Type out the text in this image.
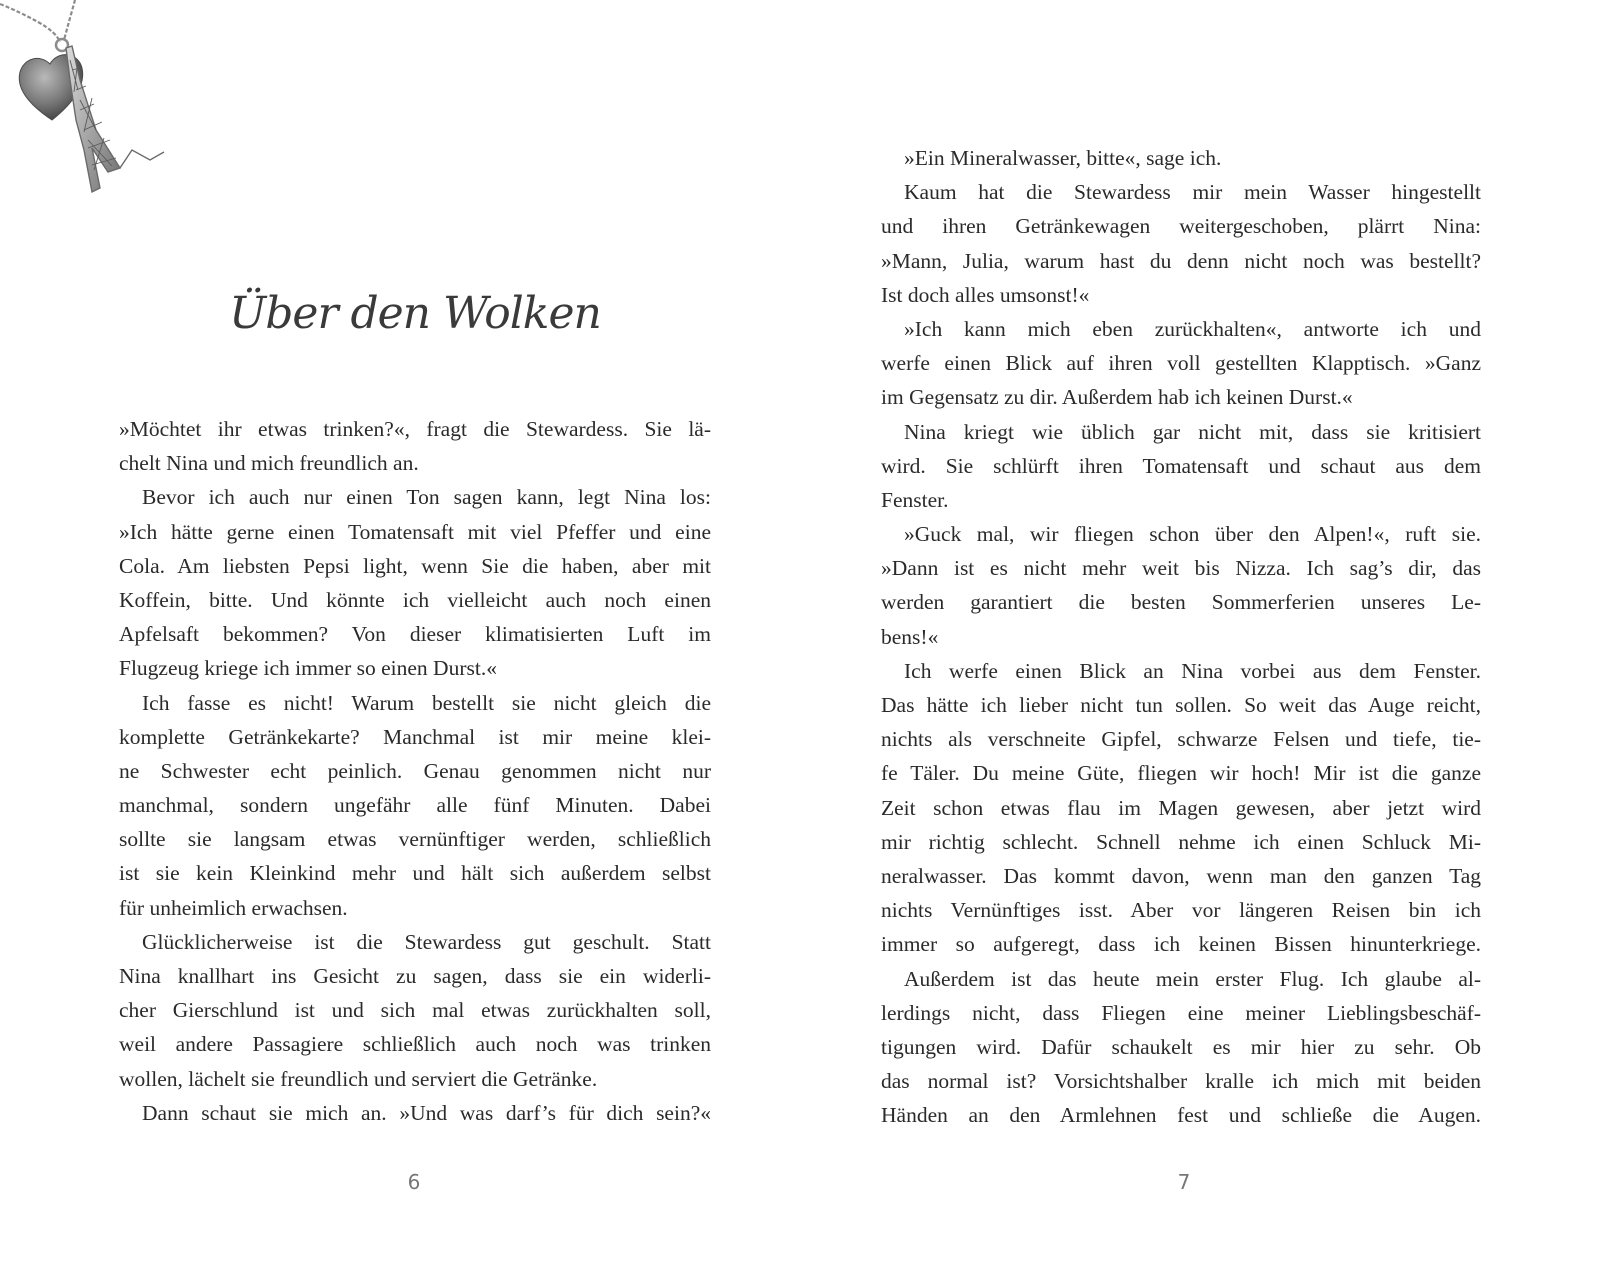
Über den Wolken
»Möchtet ihr etwas trinken?«, fragt die Stewardess. Sie lä-
chelt Nina und mich freundlich an.
Bevor ich auch nur einen Ton sagen kann, legt Nina los:
»Ich hätte gerne einen Tomatensaft mit viel Pfeffer und eine
Cola. Am liebsten Pepsi light, wenn Sie die haben, aber mit
Koffein, bitte. Und könnte ich vielleicht auch noch einen
Apfelsaft bekommen? Von dieser klimatisierten Luft im
Flugzeug kriege ich immer so einen Durst.«
Ich fasse es nicht! Warum bestellt sie nicht gleich die
komplette Getränkekarte? Manchmal ist mir meine klei-
ne Schwester echt peinlich. Genau genommen nicht nur
manchmal, sondern ungefähr alle fünf Minuten. Dabei
sollte sie langsam etwas vernünftiger werden, schließlich
ist sie kein Kleinkind mehr und hält sich außerdem selbst
für unheimlich erwachsen.
Glücklicherweise ist die Stewardess gut geschult. Statt
Nina knallhart ins Gesicht zu sagen, dass sie ein widerli-
cher Gierschlund ist und sich mal etwas zurückhalten soll,
weil andere Passagiere schließlich auch noch was trinken
wollen, lächelt sie freundlich und serviert die Getränke.
Dann schaut sie mich an. »Und was darf’s für dich sein?«
6
»Ein Mineralwasser, bitte«, sage ich.
Kaum hat die Stewardess mir mein Wasser hingestellt
und ihren Getränkewagen weitergeschoben, plärrt Nina:
»Mann, Julia, warum hast du denn nicht noch was bestellt?
Ist doch alles umsonst!«
»Ich kann mich eben zurückhalten«, antworte ich und
werfe einen Blick auf ihren voll gestellten Klapptisch. »Ganz
im Gegensatz zu dir. Außerdem hab ich keinen Durst.«
Nina kriegt wie üblich gar nicht mit, dass sie kritisiert
wird. Sie schlürft ihren Tomatensaft und schaut aus dem
Fenster.
»Guck mal, wir fliegen schon über den Alpen!«, ruft sie.
»Dann ist es nicht mehr weit bis Nizza. Ich sag’s dir, das
werden garantiert die besten Sommerferien unseres Le-
bens!«
Ich werfe einen Blick an Nina vorbei aus dem Fenster.
Das hätte ich lieber nicht tun sollen. So weit das Auge reicht,
nichts als verschneite Gipfel, schwarze Felsen und tiefe, tie-
fe Täler. Du meine Güte, fliegen wir hoch! Mir ist die ganze
Zeit schon etwas flau im Magen gewesen, aber jetzt wird
mir richtig schlecht. Schnell nehme ich einen Schluck Mi-
neralwasser. Das kommt davon, wenn man den ganzen Tag
nichts Vernünftiges isst. Aber vor längeren Reisen bin ich
immer so aufgeregt, dass ich keinen Bissen hinunterkriege.
Außerdem ist das heute mein erster Flug. Ich glaube al-
lerdings nicht, dass Fliegen eine meiner Lieblingsbeschäf-
tigungen wird. Dafür schaukelt es mir hier zu sehr. Ob
das normal ist? Vorsichtshalber kralle ich mich mit beiden
Händen an den Armlehnen fest und schließe die Augen.
7
